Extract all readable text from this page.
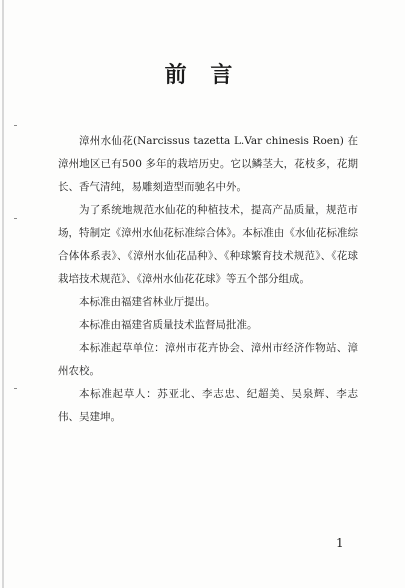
前 言

漳州水仙花(Narcissus tazetta L.Var chinesis Roen) 在漳州地区已有500 多年的栽培历史。它以鳞茎大，花枝多，花期长、香气清纯，易雕刻造型而驰名中外。

为了系统地规范水仙花的种植技术，提高产品质量，规范市场，特制定《漳州水仙花标准综合体》。本标准由《水仙花标准综合体体系表》、《漳州水仙花品种》、《种球繁育技术规范》、《花球栽培技术规范》、《漳州水仙花花球》等五个部分组成。

本标准由福建省林业厅提出。

本标准由福建省质量技术监督局批准。

本标准起草单位：漳州市花卉协会、漳州市经济作物站、漳州农校。

本标准起草人：苏亚北、李志忠、纪超美、吴泉辉、李志伟、吴建坤。

1
